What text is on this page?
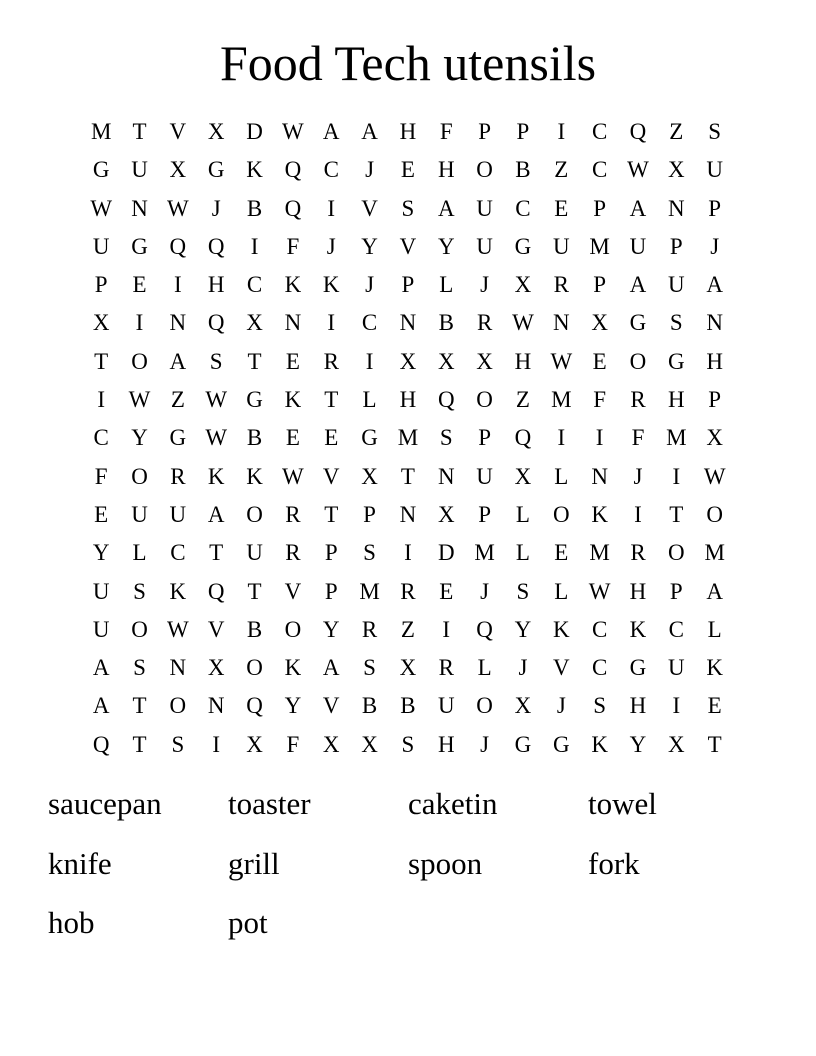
Food Tech utensils
M T	V X D W A A H	F	P	P	I	C Q	Z	S
G U X G K Q C	J	E	H O B	Z	C W X U
W N W	J	B Q	I	V	S	A U C	E	P	A N	P
U G Q Q	I	F	J	Y V Y U G U M U	P	J
P	E	I	H C K K	J	P	L	J	X R	P	A U A
X	I	N Q X N	I	C N B	R W N X G	S	N
T	O A	S	T	E	R	I	X X X H W E	O G H
I	W Z W G K	T	L	H Q O	Z M F	R H	P
C Y G W B	E	E	G M S	P	Q	I	I	F M X
F	O R K K W V X	T	N U X	L	N	J	I	W
E	U U A O R	T	P	N X	P	L	O K	I	T	O
Y	L	C	T	U R	P	S	I	D M L	E M R O M
U	S	K Q	T	V	P M R	E	J	S	L W H	P	A
U O W V B O Y R	Z	I	Q Y K C K C	L
A	S	N X O K A	S	X R	L	J	V C G U K
A	T	O N Q Y V B	B U O X	J	S	H	I	E
Q	T	S	I	X	F	X X	S	H	J	G G K Y X	T
saucepan	toaster	caketin	towel
knife	grill	spoon	fork
hob	pot
